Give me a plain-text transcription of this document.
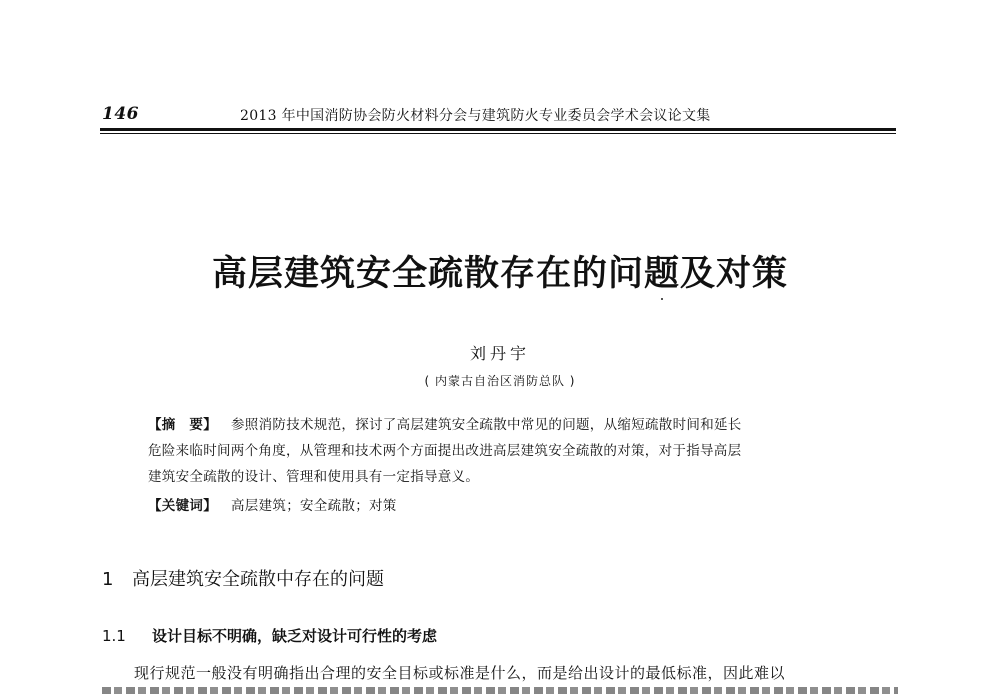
146	2013 年中国消防协会防火材料分会与建筑防火专业委员会学术会议论文集
高层建筑安全疏散存在的问题及对策
刘丹宇
( 内蒙古自治区消防总队 )
【摘　要】 参照消防技术规范，探讨了高层建筑安全疏散中常见的问题，从缩短疏散时间和延长
危险来临时间两个角度，从管理和技术两个方面提出改进高层建筑安全疏散的对策，对于指导高层
建筑安全疏散的设计、管理和使用具有一定指导意义。
【关键词】 高层建筑；安全疏散；对策
1 高层建筑安全疏散中存在的问题
1.1 设计目标不明确，缺乏对设计可行性的考虑
现行规范一般没有明确指出合理的安全目标或标准是什么，而是给出设计的最低标准，因此难以
